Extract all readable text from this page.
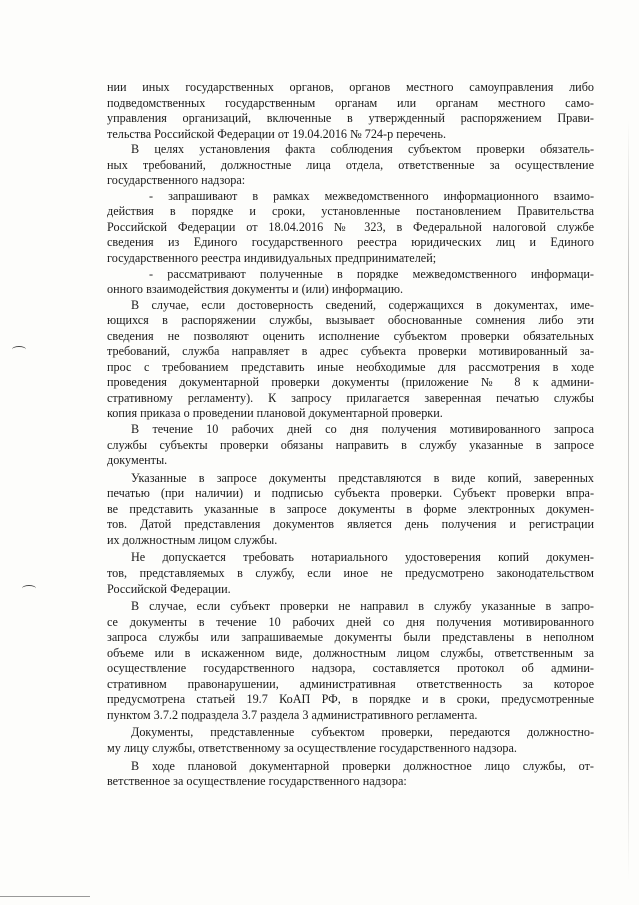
нии иных государственных органов, органов местного самоуправления либо
подведомственных государственным органам или органам местного само-
управления организаций, включенные в утвержденный распоряжением Прави-
тельства Российской Федерации от 19.04.2016 № 724-р перечень.

В целях установления факта соблюдения субъектом проверки обязатель-
ных требований, должностные лица отдела, ответственные за осуществление
государственного надзора:

- запрашивают в рамках межведомственного информационного взаимо-
действия в порядке и сроки, установленные постановлением Правительства
Российской Федерации от 18.04.2016 № 323, в Федеральной налоговой службе
сведения из Единого государственного реестра юридических лиц и Единого
государственного реестра индивидуальных предпринимателей;

- рассматривают полученные в порядке межведомственного информаци-
онного взаимодействия документы и (или) информацию.

В случае, если достоверность сведений, содержащихся в документах, име-
ющихся в распоряжении службы, вызывает обоснованные сомнения либо эти
сведения не позволяют оценить исполнение субъектом проверки обязательных
требований, служба направляет в адрес субъекта проверки мотивированный за-
прос с требованием представить иные необходимые для рассмотрения в ходе
проведения документарной проверки документы (приложение № 8 к админи-
стративному регламенту). К запросу прилагается заверенная печатью службы
копия приказа о проведении плановой документарной проверки.

В течение 10 рабочих дней со дня получения мотивированного запроса
службы субъекты проверки обязаны направить в службу указанные в запросе
документы.

Указанные в запросе документы представляются в виде копий, заверенных
печатью (при наличии) и подписью субъекта проверки. Субъект проверки впра-
ве представить указанные в запросе документы в форме электронных докумен-
тов. Датой представления документов является день получения и регистрации
их должностным лицом службы.

Не допускается требовать нотариального удостоверения копий докумен-
тов, представляемых в службу, если иное не предусмотрено законодательством
Российской Федерации.

В случае, если субъект проверки не направил в службу указанные в запро-
се документы в течение 10 рабочих дней со дня получения мотивированного
запроса службы или запрашиваемые документы были представлены в неполном
объеме или в искаженном виде, должностным лицом службы, ответственным за
осуществление государственного надзора, составляется протокол об админи-
стративном правонарушении, административная ответственность за которое
предусмотрена статьей 19.7 КоАП РФ, в порядке и в сроки, предусмотренные
пунктом 3.7.2 подраздела 3.7 раздела 3 административного регламента.

Документы, представленные субъектом проверки, передаются должностно-
му лицу службы, ответственному за осуществление государственного надзора.

В ходе плановой документарной проверки должностное лицо службы, от-
ветственное за осуществление государственного надзора:
